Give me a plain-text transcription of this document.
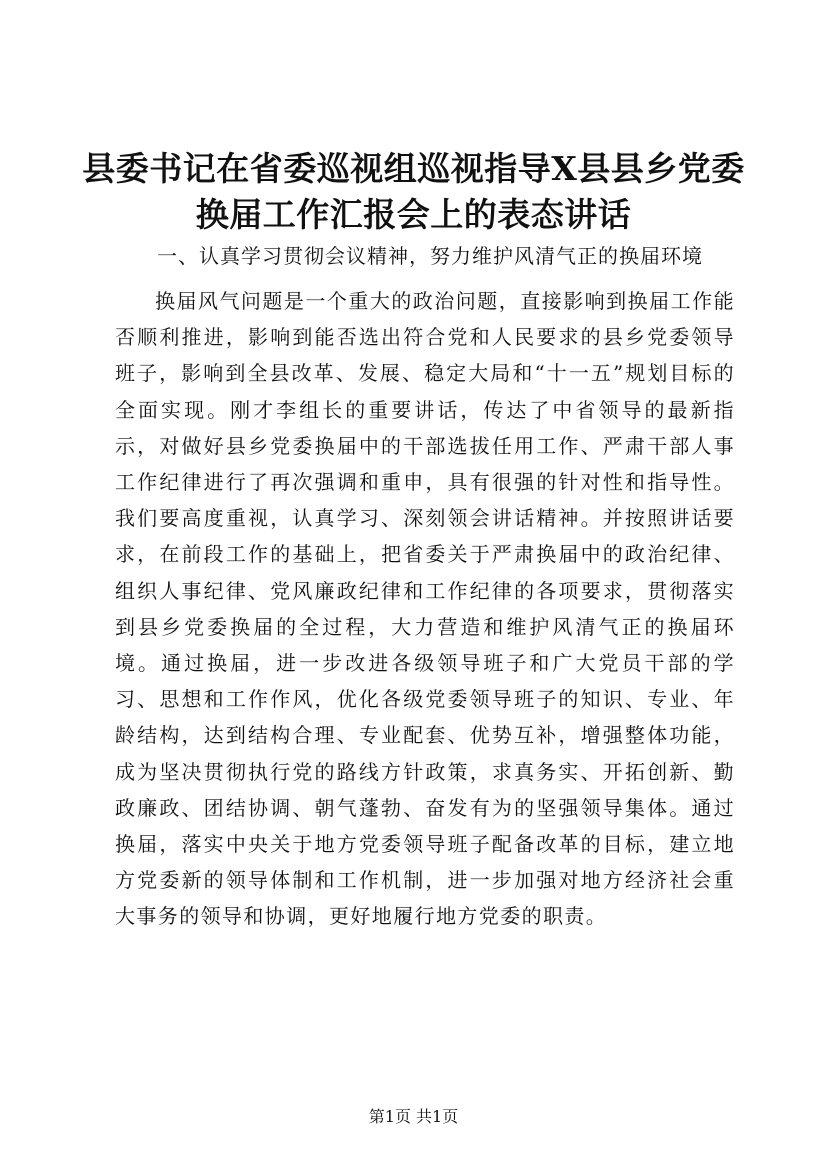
县委书记在省委巡视组巡视指导X县县乡党委
换届工作汇报会上的表态讲话
一、认真学习贯彻会议精神，努力维护风清气正的换届环境
换届风气问题是一个重大的政治问题，直接影响到换届工作能否顺利推进，影响到能否选出符合党和人民要求的县乡党委领导班子，影响到全县改革、发展、稳定大局和“十一五”规划目标的全面实现。刚才李组长的重要讲话，传达了中省领导的最新指示，对做好县乡党委换届中的干部选拔任用工作、严肃干部人事工作纪律进行了再次强调和重申，具有很强的针对性和指导性。我们要高度重视，认真学习、深刻领会讲话精神。并按照讲话要求，在前段工作的基础上，把省委关于严肃换届中的政治纪律、组织人事纪律、党风廉政纪律和工作纪律的各项要求，贯彻落实到县乡党委换届的全过程，大力营造和维护风清气正的换届环境。通过换届，进一步改进各级领导班子和广大党员干部的学习、思想和工作作风，优化各级党委领导班子的知识、专业、年龄结构，达到结构合理、专业配套、优势互补，增强整体功能，成为坚决贯彻执行党的路线方针政策，求真务实、开拓创新、勤政廉政、团结协调、朝气蓬勃、奋发有为的坚强领导集体。通过换届，落实中央关于地方党委领导班子配备改革的目标，建立地方党委新的领导体制和工作机制，进一步加强对地方经济社会重大事务的领导和协调，更好地履行地方党委的职责。
第1页 共1页
